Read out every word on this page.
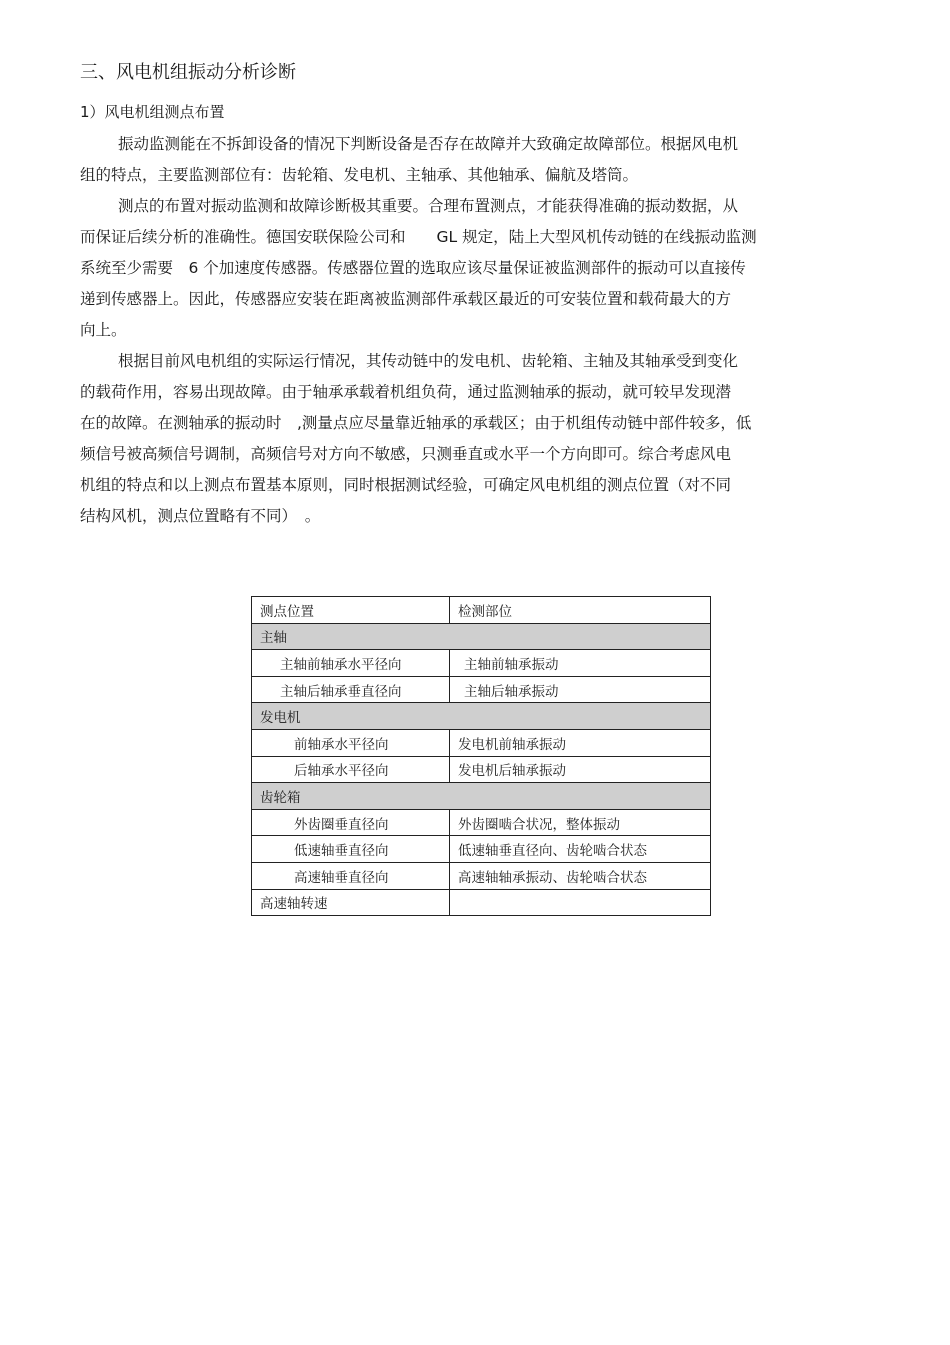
三、风电机组振动分析诊断
1）风电机组测点布置
振动监测能在不拆卸设备的情况下判断设备是否存在故障并大致确定故障部位。根据风电机
组的特点，主要监测部位有：齿轮箱、发电机、主轴承、其他轴承、偏航及塔筒。
测点的布置对振动监测和故障诊断极其重要。合理布置测点，才能获得准确的振动数据，从
而保证后续分析的准确性。德国安联保险公司和　　GL 规定，陆上大型风机传动链的在线振动监测
系统至少需要　6 个加速度传感器。传感器位置的选取应该尽量保证被监测部件的振动可以直接传
递到传感器上。因此，传感器应安装在距离被监测部件承载区最近的可安装位置和载荷最大的方
向上。
根据目前风电机组的实际运行情况，其传动链中的发电机、齿轮箱、主轴及其轴承受到变化
的载荷作用，容易出现故障。由于轴承承载着机组负荷，通过监测轴承的振动，就可较早发现潜
在的故障。在测轴承的振动时　,测量点应尽量靠近轴承的承载区；由于机组传动链中部件较多，低
频信号被高频信号调制，高频信号对方向不敏感，只测垂直或水平一个方向即可。综合考虑风电
机组的特点和以上测点布置基本原则，同时根据测试经验，可确定风电机组的测点位置（对不同
结构风机，测点位置略有不同）　。
测点位置	检测部位
主轴	
主轴前轴承水平径向	主轴前轴承振动
主轴后轴承垂直径向	主轴后轴承振动
发电机	
前轴承水平径向	发电机前轴承振动
后轴承水平径向	发电机后轴承振动
齿轮箱	
外齿圈垂直径向	外齿圈啮合状况，整体振动
低速轴垂直径向	低速轴垂直径向、齿轮啮合状态
高速轴垂直径向	高速轴轴承振动、齿轮啮合状态
高速轴转速	
